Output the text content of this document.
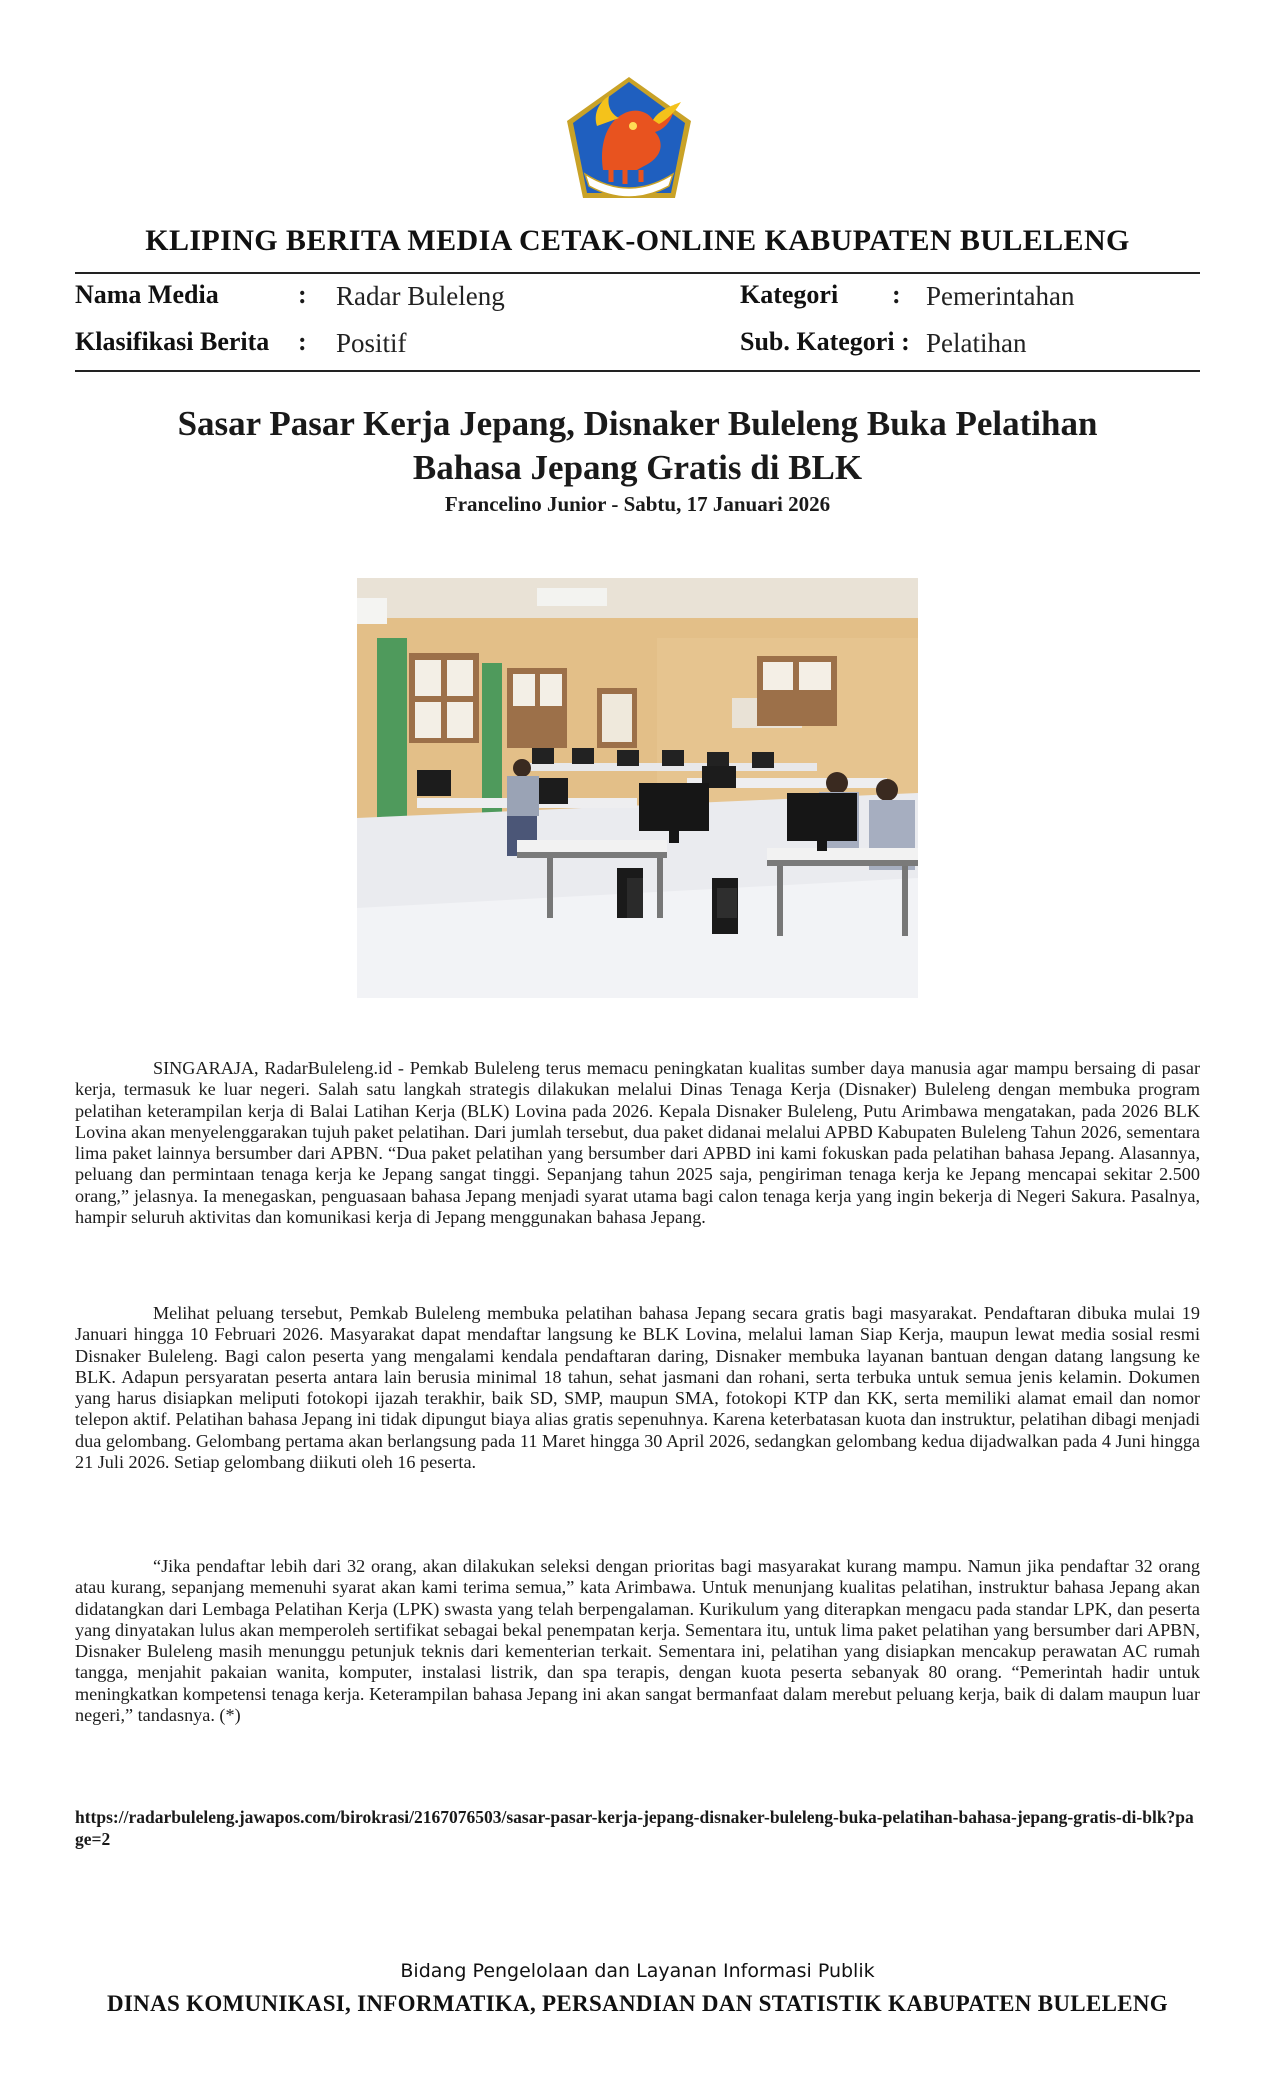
KLIPING BERITA MEDIA CETAK-ONLINE KABUPATEN BULELENG
Nama Media	: Radar Buleleng
Klasifikasi Berita : Positif
Kategori : Pemerintahan
Sub. Kategori : Pelatihan
Sasar Pasar Kerja Jepang, Disnaker Buleleng Buka Pelatihan
Bahasa Jepang Gratis di BLK
Francelino Junior - Sabtu, 17 Januari 2026

SINGARAJA, RadarBuleleng.id - Pemkab Buleleng terus memacu peningkatan kualitas sumber daya manusia agar mampu bersaing di pasar kerja, termasuk ke luar negeri. Salah satu langkah strategis dilakukan melalui Dinas Tenaga Kerja (Disnaker) Buleleng dengan membuka program pelatihan keterampilan kerja di Balai Latihan Kerja (BLK) Lovina pada 2026. Kepala Disnaker Buleleng, Putu Arimbawa mengatakan, pada 2026 BLK Lovina akan menyelenggarakan tujuh paket pelatihan. Dari jumlah tersebut, dua paket didanai melalui APBD Kabupaten Buleleng Tahun 2026, sementara lima paket lainnya bersumber dari APBN. “Dua paket pelatihan yang bersumber dari APBD ini kami fokuskan pada pelatihan bahasa Jepang. Alasannya, peluang dan permintaan tenaga kerja ke Jepang sangat tinggi. Sepanjang tahun 2025 saja, pengiriman tenaga kerja ke Jepang mencapai sekitar 2.500 orang,” jelasnya. Ia menegaskan, penguasaan bahasa Jepang menjadi syarat utama bagi calon tenaga kerja yang ingin bekerja di Negeri Sakura. Pasalnya, hampir seluruh aktivitas dan komunikasi kerja di Jepang menggunakan bahasa Jepang.

Melihat peluang tersebut, Pemkab Buleleng membuka pelatihan bahasa Jepang secara gratis bagi masyarakat. Pendaftaran dibuka mulai 19 Januari hingga 10 Februari 2026. Masyarakat dapat mendaftar langsung ke BLK Lovina, melalui laman Siap Kerja, maupun lewat media sosial resmi Disnaker Buleleng. Bagi calon peserta yang mengalami kendala pendaftaran daring, Disnaker membuka layanan bantuan dengan datang langsung ke BLK. Adapun persyaratan peserta antara lain berusia minimal 18 tahun, sehat jasmani dan rohani, serta terbuka untuk semua jenis kelamin. Dokumen yang harus disiapkan meliputi fotokopi ijazah terakhir, baik SD, SMP, maupun SMA, fotokopi KTP dan KK, serta memiliki alamat email dan nomor telepon aktif. Pelatihan bahasa Jepang ini tidak dipungut biaya alias gratis sepenuhnya. Karena keterbatasan kuota dan instruktur, pelatihan dibagi menjadi dua gelombang. Gelombang pertama akan berlangsung pada 11 Maret hingga 30 April 2026, sedangkan gelombang kedua dijadwalkan pada 4 Juni hingga 21 Juli 2026. Setiap gelombang diikuti oleh 16 peserta.

“Jika pendaftar lebih dari 32 orang, akan dilakukan seleksi dengan prioritas bagi masyarakat kurang mampu. Namun jika pendaftar 32 orang atau kurang, sepanjang memenuhi syarat akan kami terima semua,” kata Arimbawa. Untuk menunjang kualitas pelatihan, instruktur bahasa Jepang akan didatangkan dari Lembaga Pelatihan Kerja (LPK) swasta yang telah berpengalaman. Kurikulum yang diterapkan mengacu pada standar LPK, dan peserta yang dinyatakan lulus akan memperoleh sertifikat sebagai bekal penempatan kerja. Sementara itu, untuk lima paket pelatihan yang bersumber dari APBN, Disnaker Buleleng masih menunggu petunjuk teknis dari kementerian terkait. Sementara ini, pelatihan yang disiapkan mencakup perawatan AC rumah tangga, menjahit pakaian wanita, komputer, instalasi listrik, dan spa terapis, dengan kuota peserta sebanyak 80 orang. “Pemerintah hadir untuk meningkatkan kompetensi tenaga kerja. Keterampilan bahasa Jepang ini akan sangat bermanfaat dalam merebut peluang kerja, baik di dalam maupun luar negeri,” tandasnya. (*)

https://radarbuleleng.jawapos.com/birokrasi/2167076503/sasar-pasar-kerja-jepang-disnaker-buleleng-buka-pelatihan-bahasa-jepang-gratis-di-blk?page=2
Bidang Pengelolaan dan Layanan Informasi Publik
DINAS KOMUNIKASI, INFORMATIKA, PERSANDIAN DAN STATISTIK KABUPATEN BULELENG
